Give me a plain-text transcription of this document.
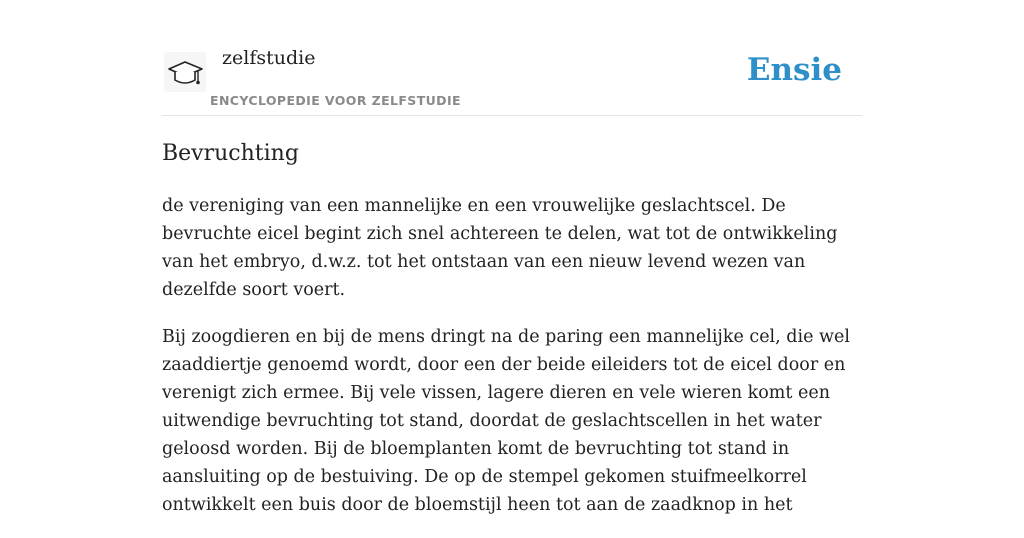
zelfstudie
ENCYCLOPEDIE VOOR ZELFSTUDIE
Ensie
Bevruchting

de vereniging van een mannelijke en een vrouwelijke geslachtscel. De bevruchte eicel begint zich snel achtereen te delen, wat tot de ontwikkeling van het embryo, d.w.z. tot het ontstaan van een nieuw levend wezen van dezelfde soort voert.

Bij zoogdieren en bij de mens dringt na de paring een mannelijke cel, die wel zaaddiertje genoemd wordt, door een der beide eileiders tot de eicel door en verenigt zich ermee. Bij vele vissen, lagere dieren en vele wieren komt een uitwendige bevruchting tot stand, doordat de geslachtscellen in het water geloosd worden. Bij de bloemplanten komt de bevruchting tot stand in aansluiting op de bestuiving. De op de stempel gekomen stuifmeelkorrel ontwikkelt een buis door de bloemstijl heen tot aan de zaadknop in het
